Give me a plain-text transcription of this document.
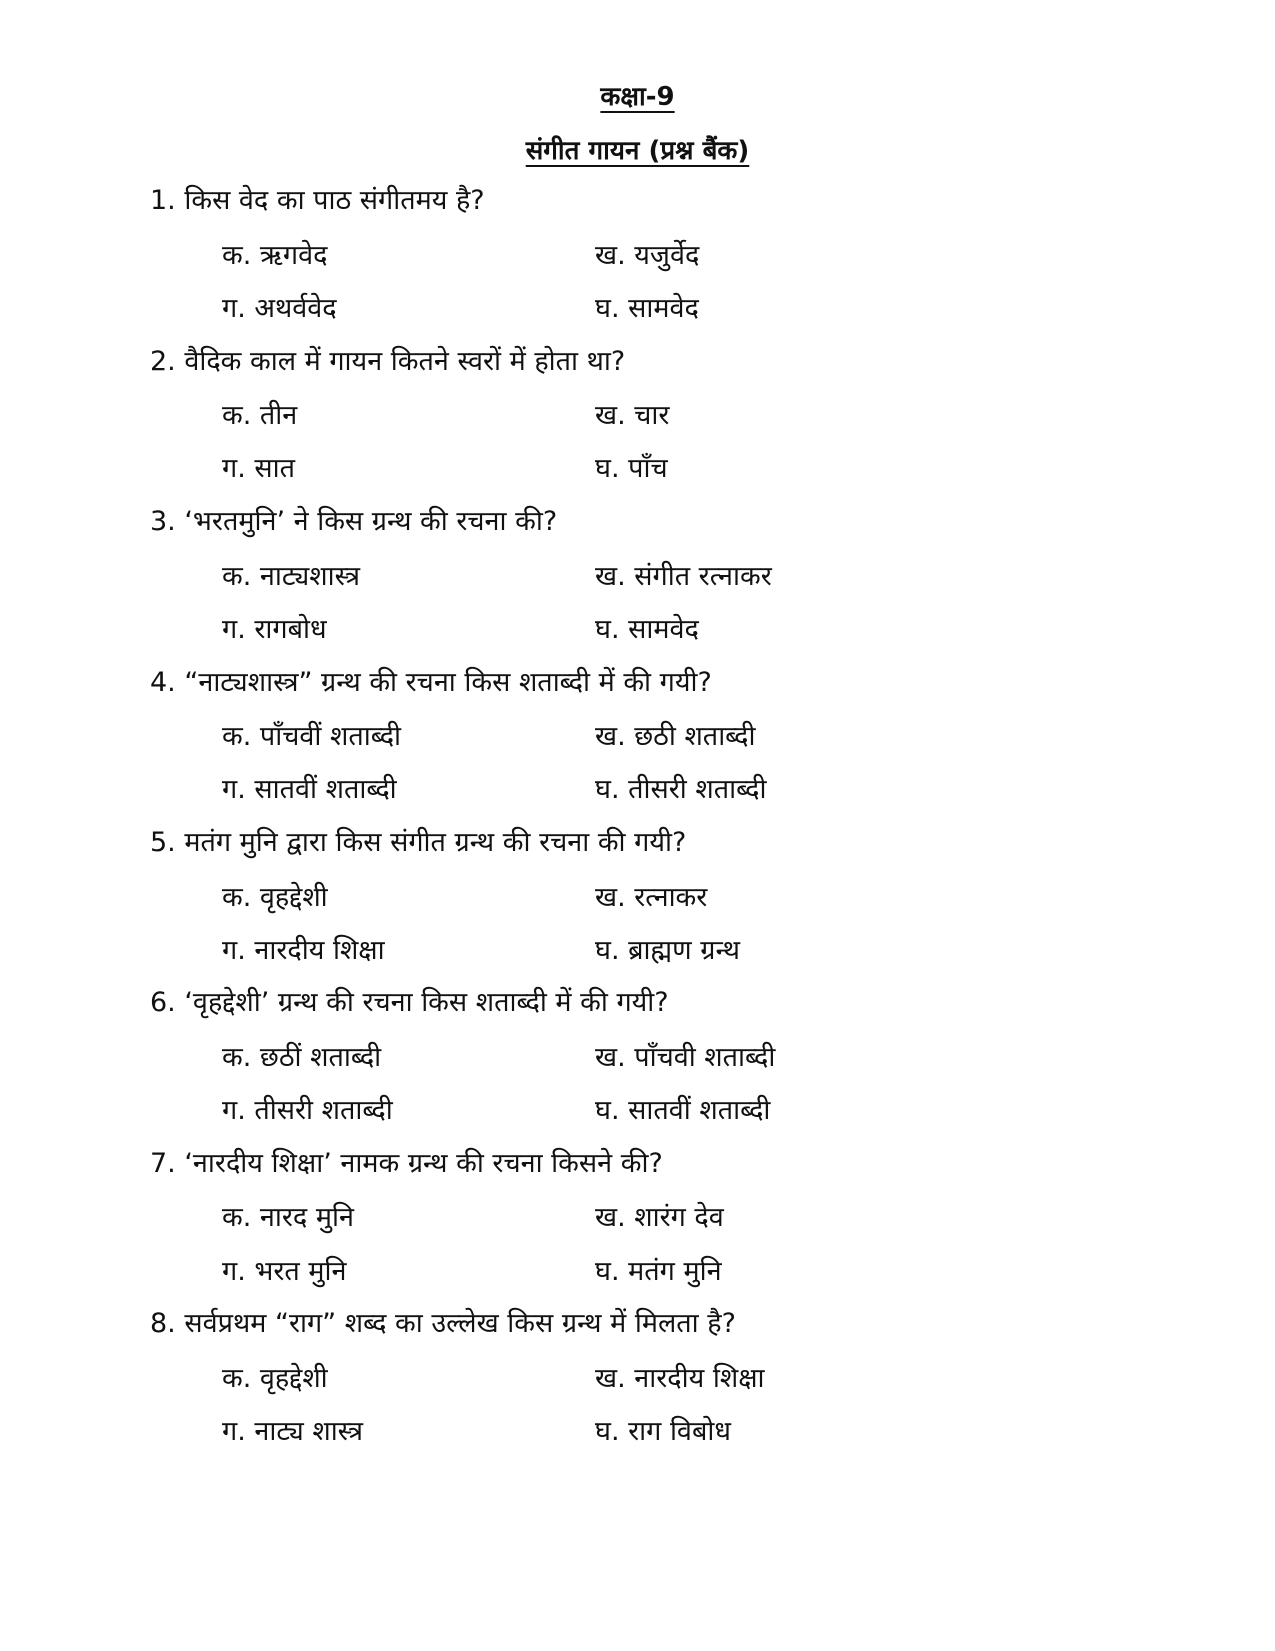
कक्षा-9
संगीत गायन (प्रश्न बैंक)
1. किस वेद का पाठ संगीतमय है?
क. ऋगवेद	ख. यजुर्वेद
ग. अथर्ववेद	घ. सामवेद
2. वैदिक काल में गायन कितने स्वरों में होता था?
क. तीन	ख. चार
ग. सात	घ. पाँच
3. ‘भरतमुनि’ ने किस ग्रन्थ की रचना की?
क. नाट्यशास्त्र	ख. संगीत रत्नाकर
ग. रागबोध	घ. सामवेद
4. “नाट्यशास्त्र” ग्रन्थ की रचना किस शताब्दी में की गयी?
क. पाँचवीं शताब्दी	ख. छठी शताब्दी
ग. सातवीं शताब्दी	घ. तीसरी शताब्दी
5. मतंग मुनि द्वारा किस संगीत ग्रन्थ की रचना की गयी?
क. वृहद्देशी	ख. रत्नाकर
ग. नारदीय शिक्षा	घ. ब्राह्मण ग्रन्थ
6. ‘वृहद्देशी’ ग्रन्थ की रचना किस शताब्दी में की गयी?
क. छठीं शताब्दी	ख. पाँचवी शताब्दी
ग. तीसरी शताब्दी	घ. सातवीं शताब्दी
7. ‘नारदीय शिक्षा’ नामक ग्रन्थ की रचना किसने की?
क. नारद मुनि	ख. शारंग देव
ग. भरत मुनि	घ. मतंग मुनि
8. सर्वप्रथम “राग” शब्द का उल्लेख किस ग्रन्थ में मिलता है?
क. वृहद्देशी	ख. नारदीय शिक्षा
ग. नाट्य शास्त्र	घ. राग विबोध
